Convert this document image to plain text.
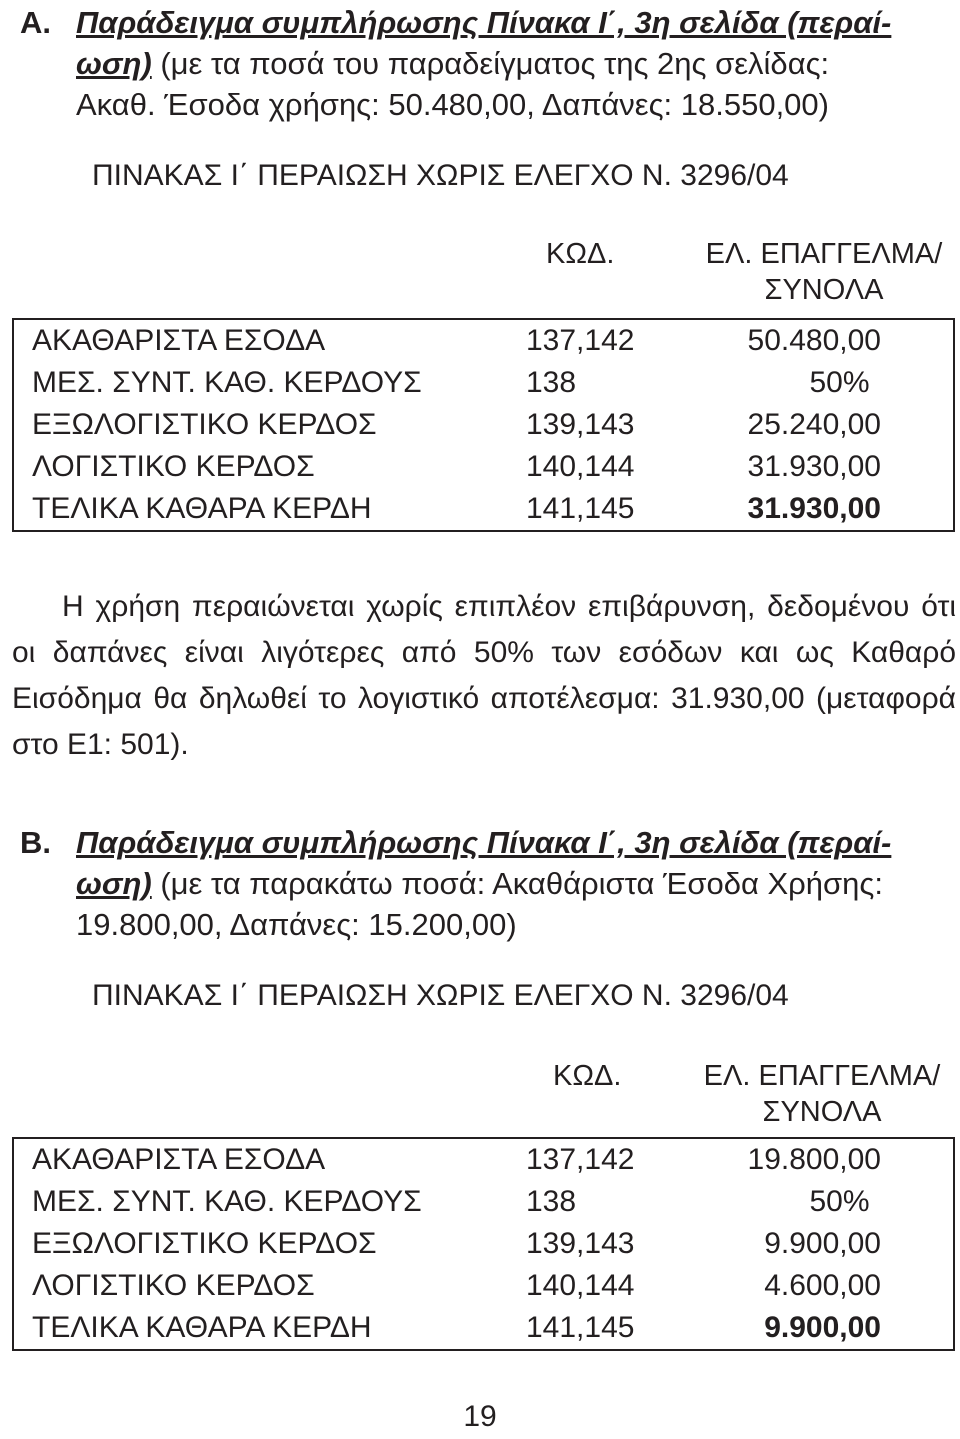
A. Παράδειγμα συμπλήρωσης Πίνακα Ι΄, 3η σελίδα (περαί-
ωση) (με τα ποσά του παραδείγματος της 2ης σελίδας:
Ακαθ. Έσοδα χρήσης: 50.480,00, Δαπάνες: 18.550,00)
ΠΙΝΑΚΑΣ Ι΄ ΠΕΡΑΙΩΣΗ ΧΩΡΙΣ ΕΛΕΓΧΟ Ν. 3296/04
ΚΩΔ.	ΕΛ. ΕΠΑΓΓΕΛΜΑ/
ΣΥΝΟΛΑ
ΑΚΑΘΑΡΙΣΤΑ ΕΣΟΔΑ	137,142	50.480,00
ΜΕΣ. ΣΥΝΤ. ΚΑΘ. ΚΕΡΔΟΥΣ	138	50%
ΕΞΩΛΟΓΙΣΤΙΚΟ ΚΕΡΔΟΣ	139,143	25.240,00
ΛΟΓΙΣΤΙΚΟ ΚΕΡΔΟΣ	140,144	31.930,00
ΤΕΛΙΚΑ ΚΑΘΑΡΑ ΚΕΡΔΗ	141,145	31.930,00
Η χρήση περαιώνεται χωρίς επιπλέον επιβάρυνση, δεδομένου ότι οι δαπάνες είναι λιγότερες από 50% των εσόδων και ως Καθαρό Εισόδημα θα δηλωθεί το λογιστικό αποτέλεσμα: 31.930,00 (μεταφορά στο Ε1: 501).
B. Παράδειγμα συμπλήρωσης Πίνακα Ι΄, 3η σελίδα (περαί-
ωση) (με τα παρακάτω ποσά: Ακαθάριστα Έσοδα Χρήσης:
19.800,00, Δαπάνες: 15.200,00)
ΠΙΝΑΚΑΣ Ι΄ ΠΕΡΑΙΩΣΗ ΧΩΡΙΣ ΕΛΕΓΧΟ Ν. 3296/04
ΚΩΔ.	ΕΛ. ΕΠΑΓΓΕΛΜΑ/
ΣΥΝΟΛΑ
ΑΚΑΘΑΡΙΣΤΑ ΕΣΟΔΑ	137,142	19.800,00
ΜΕΣ. ΣΥΝΤ. ΚΑΘ. ΚΕΡΔΟΥΣ	138	50%
ΕΞΩΛΟΓΙΣΤΙΚΟ ΚΕΡΔΟΣ	139,143	9.900,00
ΛΟΓΙΣΤΙΚΟ ΚΕΡΔΟΣ	140,144	4.600,00
ΤΕΛΙΚΑ ΚΑΘΑΡΑ ΚΕΡΔΗ	141,145	9.900,00
19
